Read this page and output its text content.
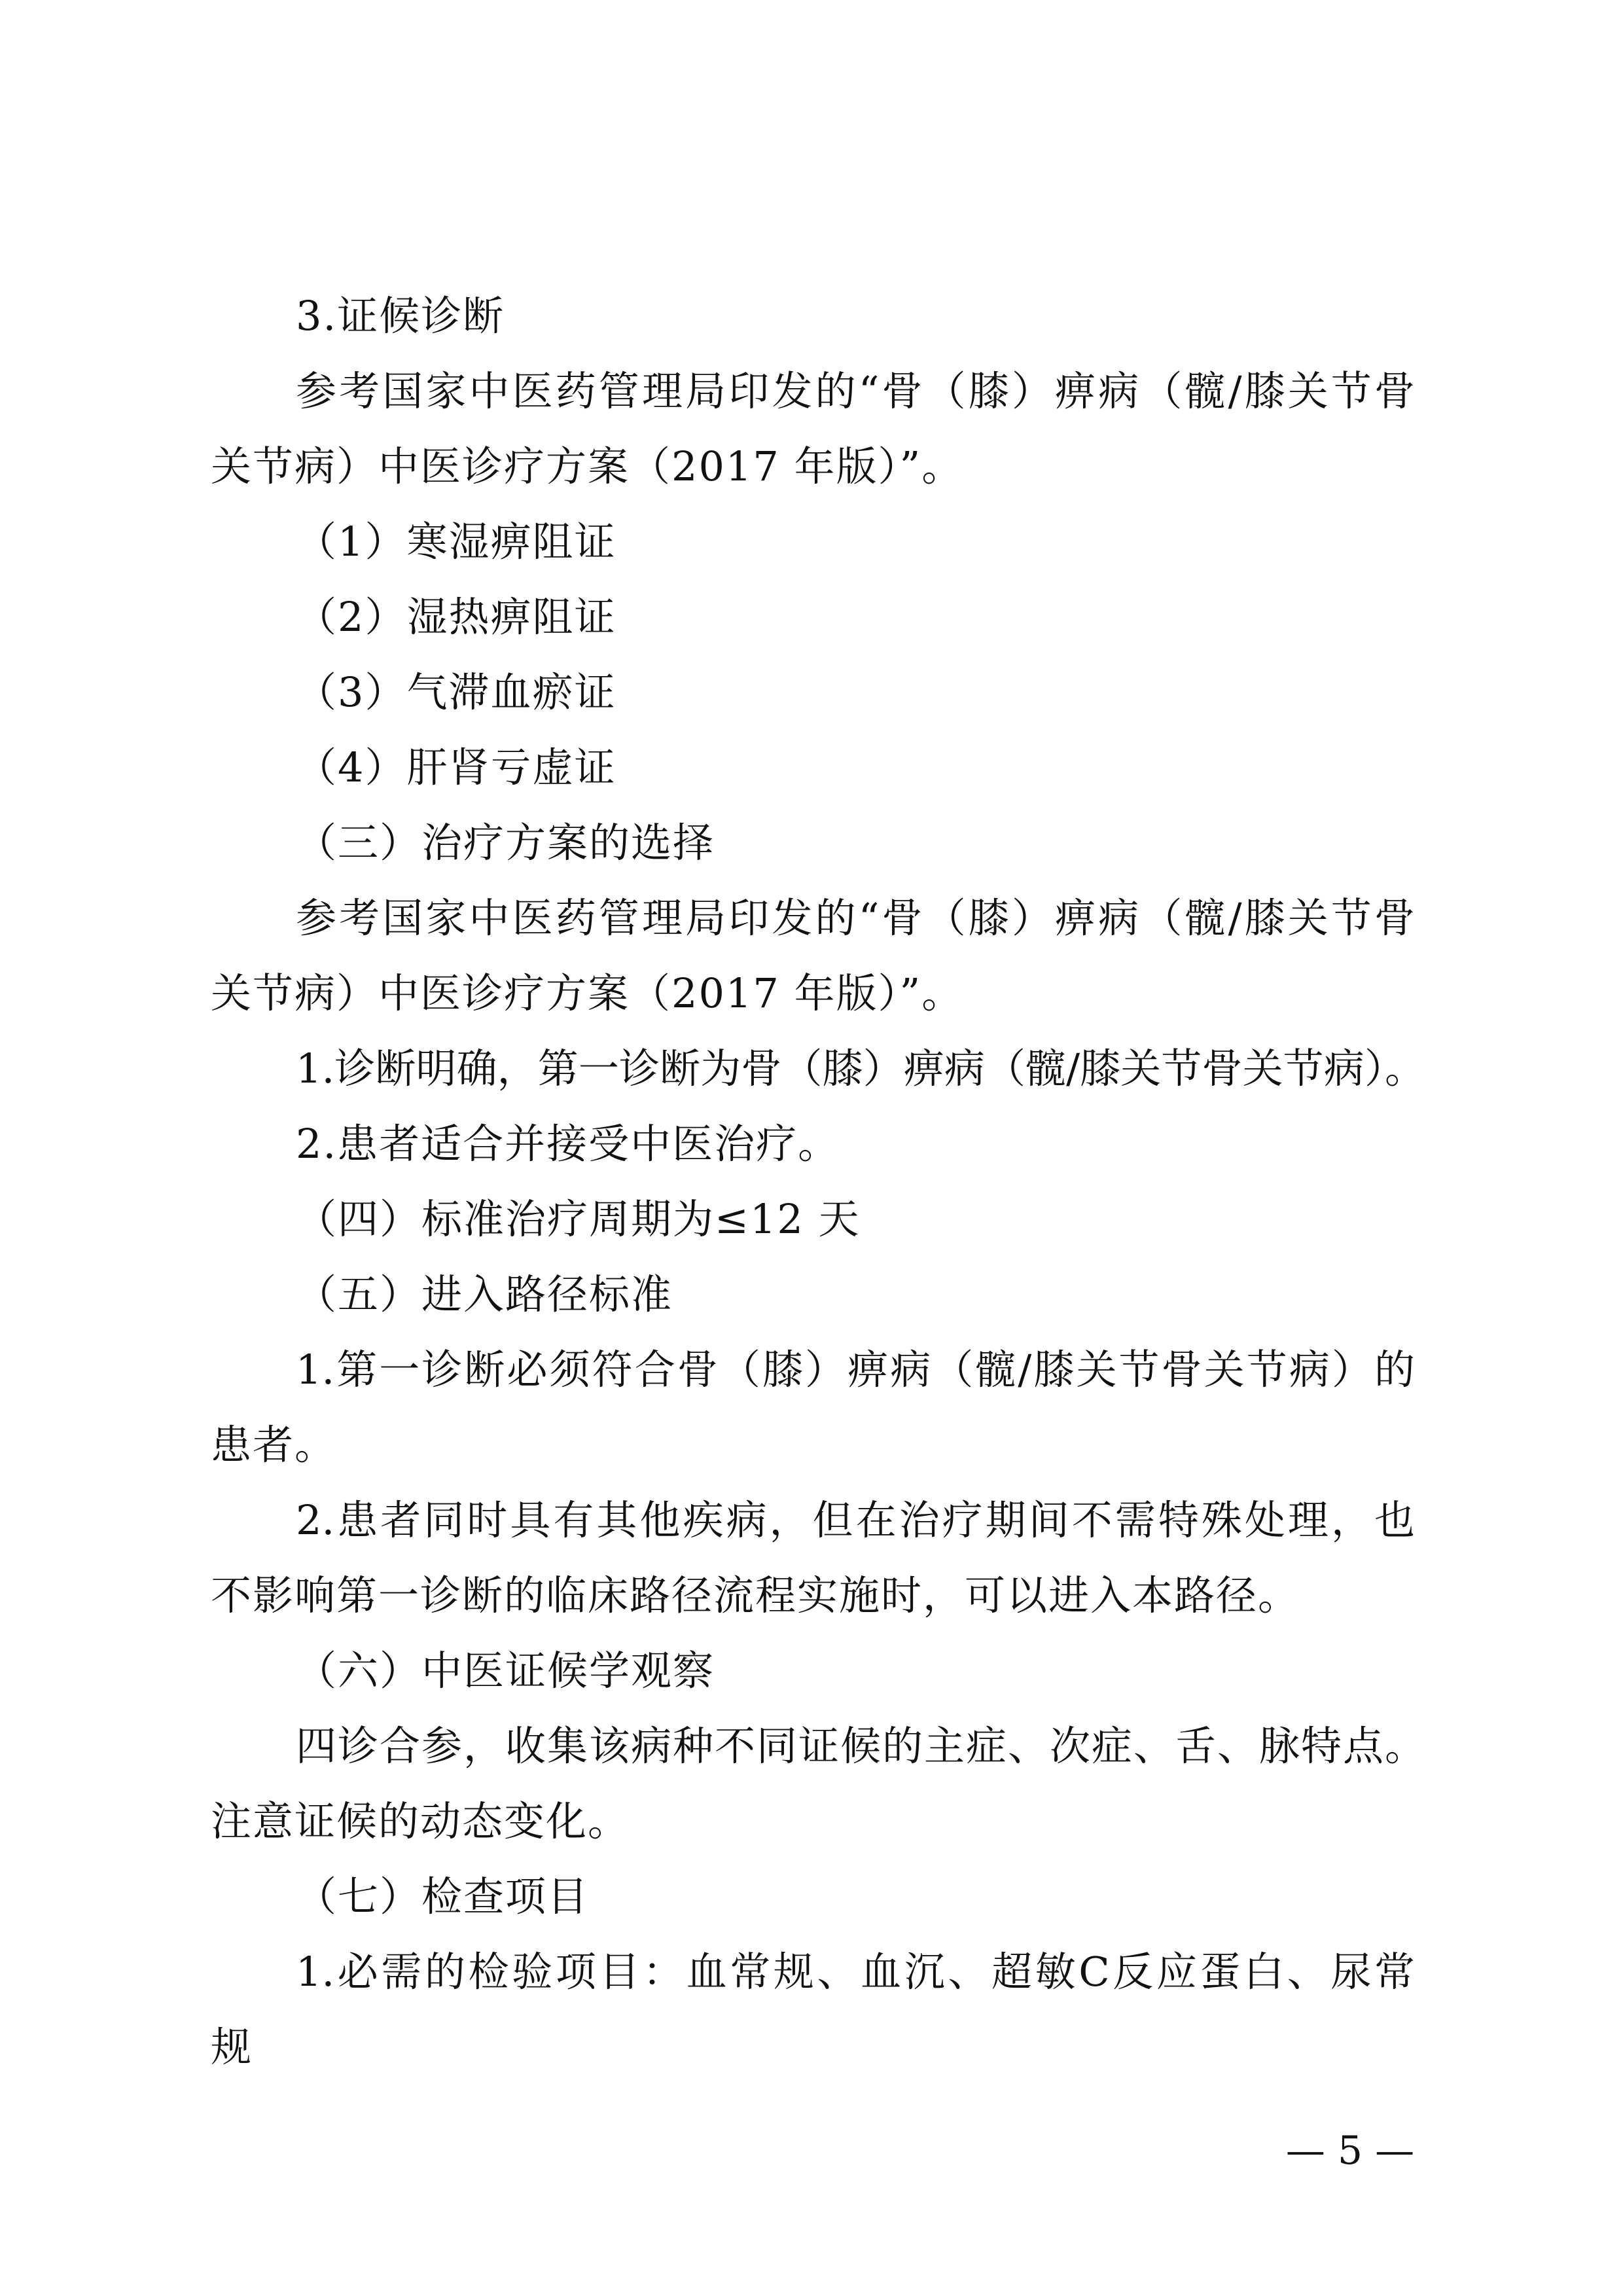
3.证候诊断
参考国家中医药管理局印发的“骨（膝）痹病（髋/膝关节骨
关节病）中医诊疗方案（2017 年版）”。
（1）寒湿痹阻证
（2）湿热痹阻证
（3）气滞血瘀证
（4）肝肾亏虚证
（三）治疗方案的选择
参考国家中医药管理局印发的“骨（膝）痹病（髋/膝关节骨
关节病）中医诊疗方案（2017 年版）”。
1.诊断明确，第一诊断为骨（膝）痹病（髋/膝关节骨关节病）。
2.患者适合并接受中医治疗。
（四）标准治疗周期为≤12 天
（五）进入路径标准
1.第一诊断必须符合骨（膝）痹病（髋/膝关节骨关节病）的
患者。
2.患者同时具有其他疾病，但在治疗期间不需特殊处理，也
不影响第一诊断的临床路径流程实施时，可以进入本路径。
（六）中医证候学观察
四诊合参，收集该病种不同证候的主症、次症、舌、脉特点。
注意证候的动态变化。
（七）检查项目
1.必需的检验项目：血常规、血沉、超敏C反应蛋白、尿常
规
— 5 —
